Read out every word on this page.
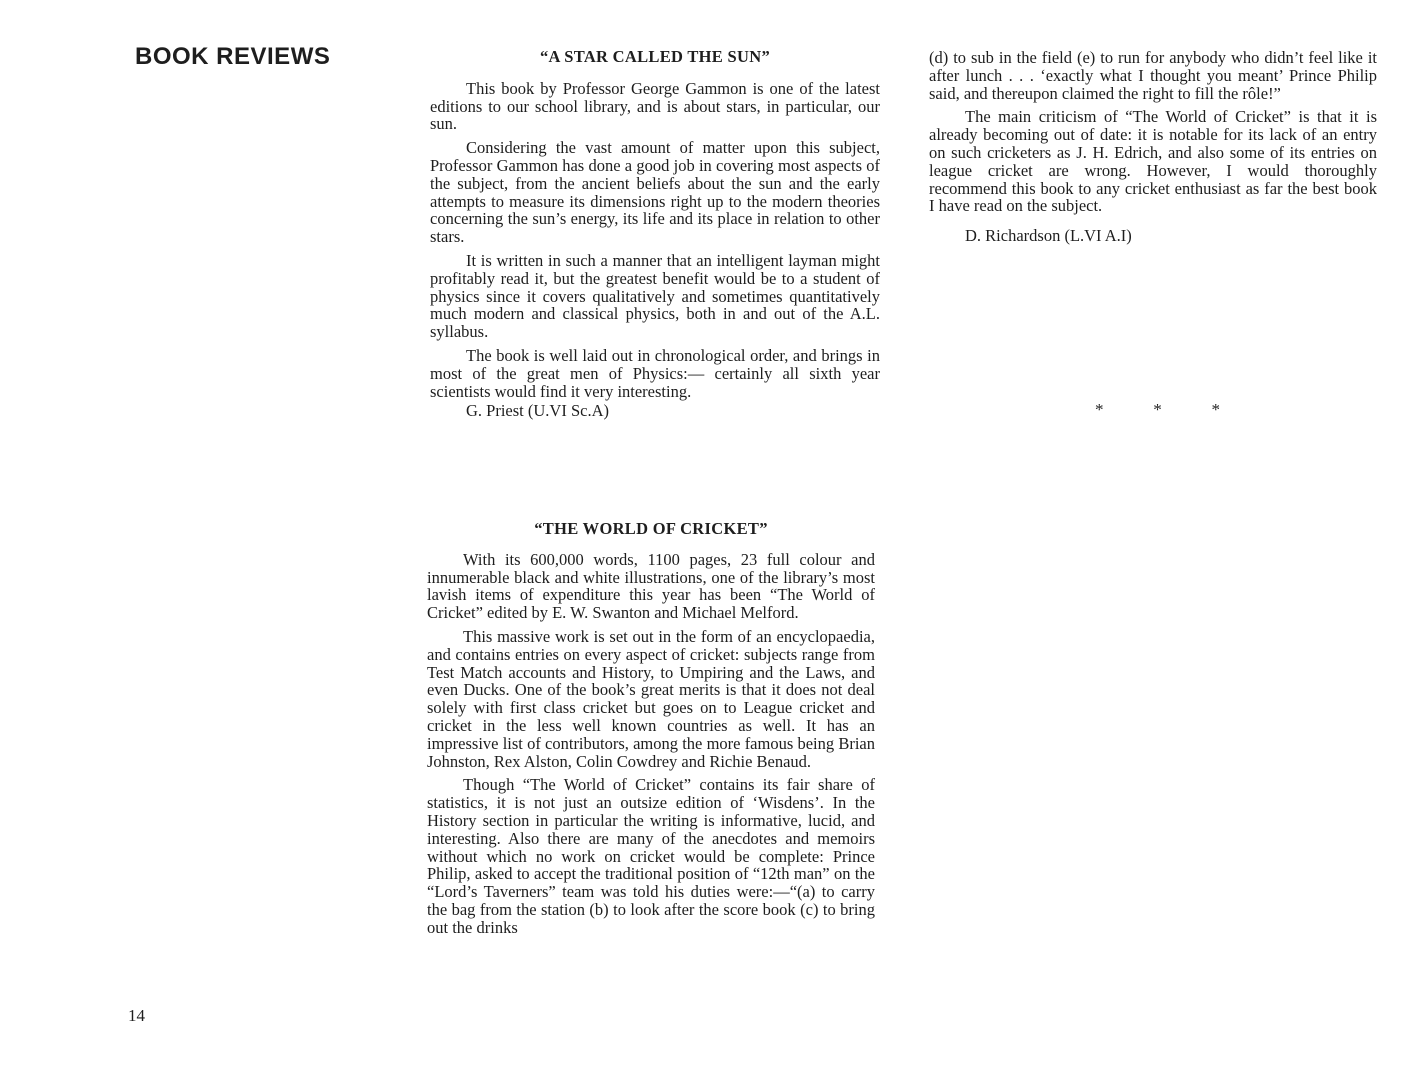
BOOK REVIEWS	“A STAR CALLED THE SUN”

This book by Professor George Gammon is one of the latest editions to our school library, and is about stars, in particular, our sun.

Considering the vast amount of matter upon this subject, Professor Gammon has done a good job in covering most aspects of the subject, from the ancient beliefs about the sun and the early attempts to measure its dimensions right up to the modern theories concerning the sun’s energy, its life and its place in relation to other stars.

It is written in such a manner that an intelligent layman might profitably read it, but the greatest benefit would be to a student of physics since it covers qualitatively and sometimes quantitatively much modern and classical physics, both in and out of the A.L. syllabus.

The book is well laid out in chronological order, and brings in most of the great men of Physics:— certainly all sixth year scientists would find it very interesting.

G. Priest (U.VI Sc.A)

“THE WORLD OF CRICKET”

With its 600,000 words, 1100 pages, 23 full colour and innumerable black and white illustrations, one of the library’s most lavish items of expenditure this year has been “The World of Cricket” edited by E. W. Swanton and Michael Melford.

This massive work is set out in the form of an encyclopaedia, and contains entries on every aspect of cricket: subjects range from Test Match accounts and History, to Umpiring and the Laws, and even Ducks. One of the book’s great merits is that it does not deal solely with first class cricket but goes on to League cricket and cricket in the less well known countries as well. It has an impressive list of contributors, among the more famous being Brian Johnston, Rex Alston, Colin Cowdrey and Richie Benaud.

Though “The World of Cricket” contains its fair share of statistics, it is not just an outsize edition of ‘Wisdens’. In the History section in particular the writing is informative, lucid, and interesting. Also there are many of the anecdotes and memoirs without which no work on cricket would be complete: Prince Philip, asked to accept the traditional position of “12th man” on the “Lord’s Taverners” team was told his duties were:—“(a) to carry the bag from the station (b) to look after the score book (c) to bring out the drinks

(d) to sub in the field (e) to run for anybody who didn’t feel like it after lunch . . . ‘exactly what I thought you meant’ Prince Philip said, and thereupon claimed the right to fill the rôle!”

The main criticism of “The World of Cricket” is that it is already becoming out of date: it is notable for its lack of an entry on such cricketers as J. H. Edrich, and also some of its entries on league cricket are wrong. However, I would thoroughly recommend this book to any cricket enthusiast as far the best book I have read on the subject.

D. Richardson (L.VI A.I)

*	*	*
14
